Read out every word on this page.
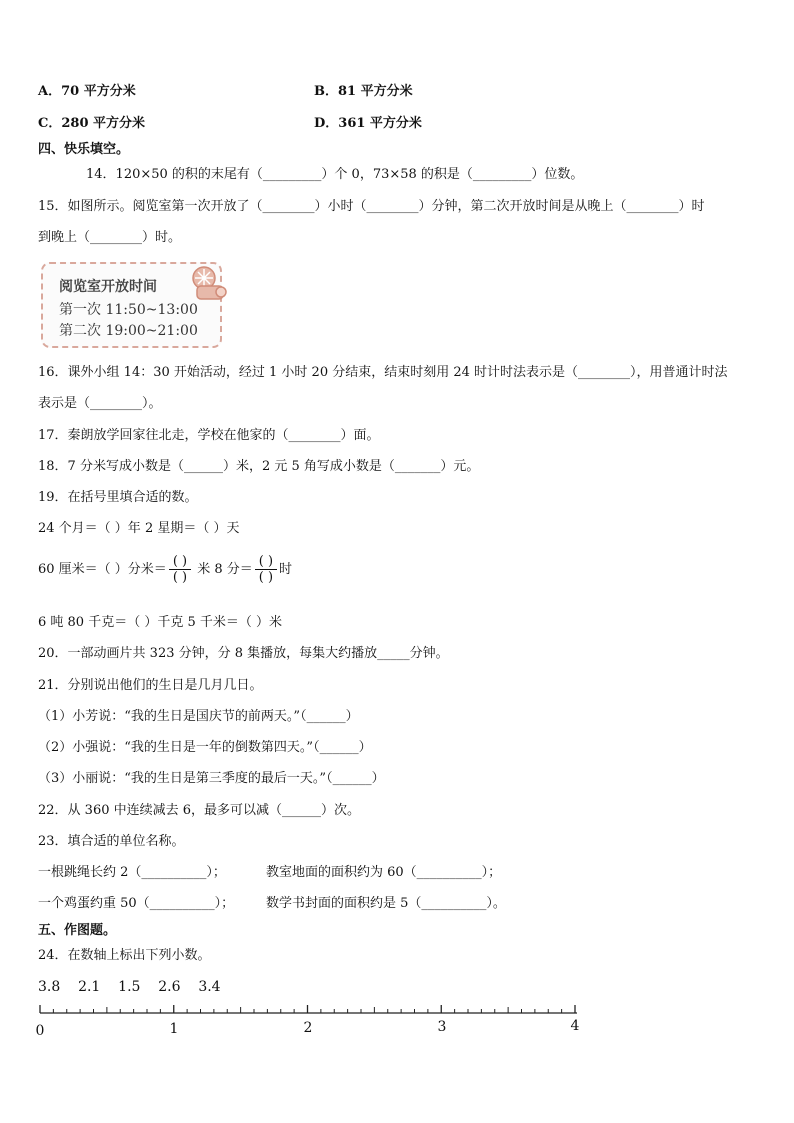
A．70 平方分米	B．81 平方分米
C．280 平方分米	D．361 平方分米
四、快乐填空。
14．120×50 的积的末尾有（_________）个 0，73×58 的积是（_________）位数。
15．如图所示。阅览室第一次开放了（________）小时（________）分钟，第二次开放时间是从晚上（________）时
到晚上（________）时。
阅览室开放时间
第一次 11:50~13:00
第二次 19:00~21:00
16．课外小组 14：30 开始活动，经过 1 小时 20 分结束，结束时刻用 24 时计时法表示是（________），用普通计时法
表示是（________）。
17．秦朗放学回家往北走，学校在他家的（________）面。
18．7 分米写成小数是（______）米，2 元 5 角写成小数是（_______）元。
19．在括号里填合适的数。
24 个月＝（ ）年 2 星期＝（ ）天
60 厘米＝（ ）分米＝ $\frac{( )}{( )}$ 米 8 分＝ $\frac{( )}{( )}$ 时
6 吨 80 千克＝（ ）千克 5 千米＝（ ）米
20．一部动画片共 323 分钟，分 8 集播放，每集大约播放_____分钟。
21．分别说出他们的生日是几月几日。
（1）小芳说：“我的生日是国庆节的前两天。”（______）
（2）小强说：“我的生日是一年的倒数第四天。”（______）
（3）小丽说：“我的生日是第三季度的最后一天。”（______）
22．从 360 中连续减去 6，最多可以减（______）次。
23．填合适的单位名称。
一根跳绳长约 2（__________）；	教室地面的面积约为 60（__________）；
一个鸡蛋约重 50（__________）； 数学书封面的面积约是 5（__________）。
五、作图题。
24．在数轴上标出下列小数。
3.8 2.1 1.5 2.6 3.4
0	1	2	3	4
